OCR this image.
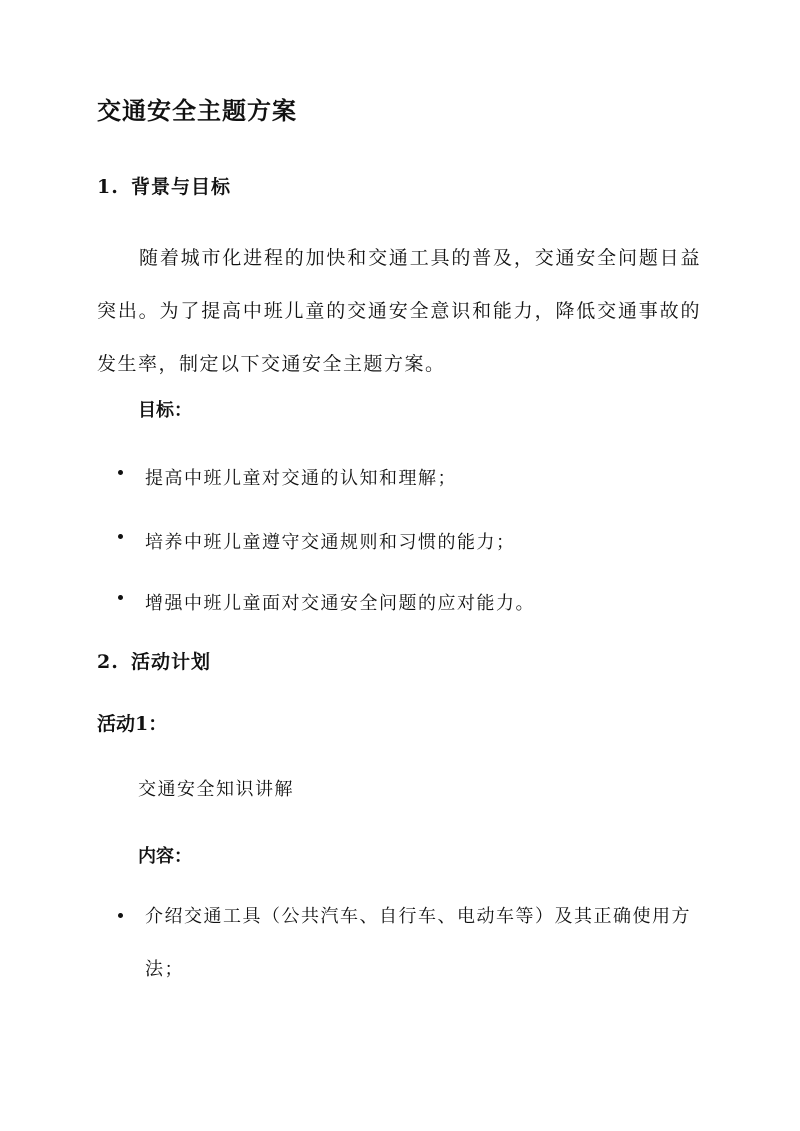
交通安全主题方案
1. 背景与目标
随着城市化进程的加快和交通工具的普及，交通安全问题日益突出。为了提高中班儿童的交通安全意识和能力，降低交通事故的发生率，制定以下交通安全主题方案。
目标：
提高中班儿童对交通的认知和理解；
培养中班儿童遵守交通规则和习惯的能力；
增强中班儿童面对交通安全问题的应对能力。
2. 活动计划
活动1：
交通安全知识讲解
内容：
介绍交通工具（公共汽车、自行车、电动车等）及其正确使用方法；
